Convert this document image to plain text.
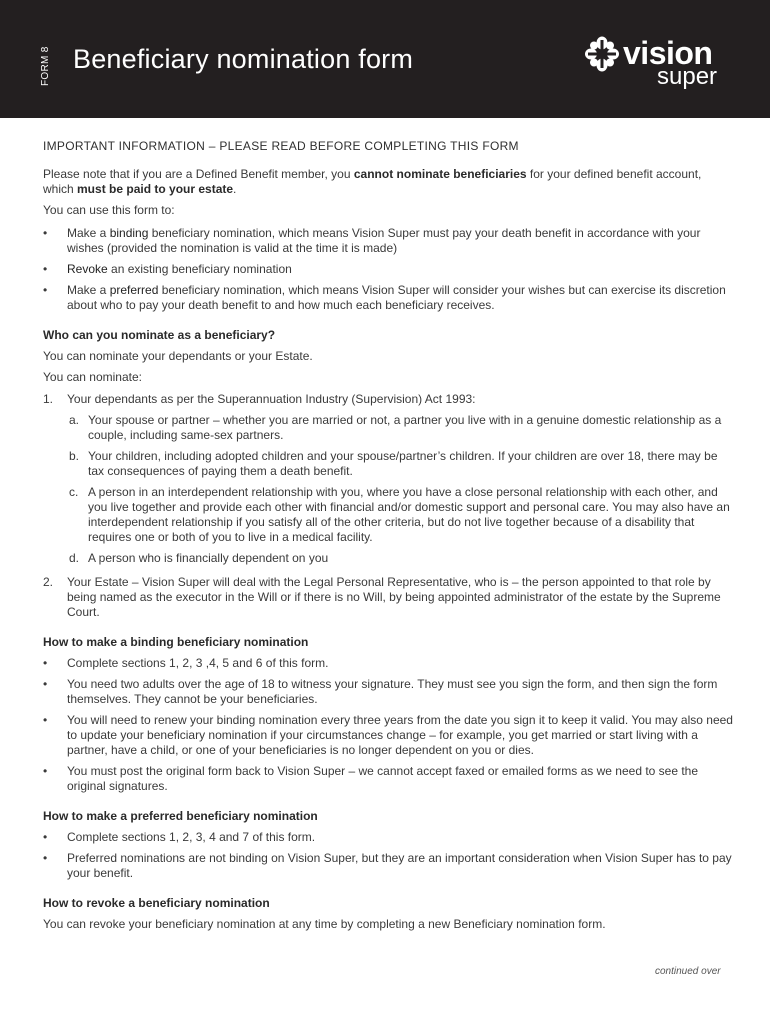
FORM 8 Beneficiary nomination form	vision
super

IMPORTANT INFORMATION – PLEASE READ BEFORE COMPLETING THIS FORM

Please note that if you are a Defined Benefit member, you cannot nominate beneficiaries for your defined benefit account, which must be paid to your estate.

You can use this form to:

• Make a binding beneficiary nomination, which means Vision Super must pay your death benefit in accordance with your wishes (provided the nomination is valid at the time it is made)
• Revoke an existing beneficiary nomination
• Make a preferred beneficiary nomination, which means Vision Super will consider your wishes but can exercise its discretion about who to pay your death benefit to and how much each beneficiary receives.

Who can you nominate as a beneficiary?

You can nominate your dependants or your Estate.

You can nominate:

1. Your dependants as per the Superannuation Industry (Supervision) Act 1993:
a. Your spouse or partner – whether you are married or not, a partner you live with in a genuine domestic relationship as a couple, including same-sex partners.
b. Your children, including adopted children and your spouse/partner’s children. If your children are over 18, there may be tax consequences of paying them a death benefit.
c. A person in an interdependent relationship with you, where you have a close personal relationship with each other, and you live together and provide each other with financial and/or domestic support and personal care. You may also have an interdependent relationship if you satisfy all of the other criteria, but do not live together because of a disability that requires one or both of you to live in a medical facility.
d. A person who is financially dependent on you
2. Your Estate – Vision Super will deal with the Legal Personal Representative, who is – the person appointed to that role by being named as the executor in the Will or if there is no Will, by being appointed administrator of the estate by the Supreme Court.

How to make a binding beneficiary nomination

• Complete sections 1, 2, 3 ,4, 5 and 6 of this form.
• You need two adults over the age of 18 to witness your signature. They must see you sign the form, and then sign the form themselves. They cannot be your beneficiaries.
• You will need to renew your binding nomination every three years from the date you sign it to keep it valid. You may also need to update your beneficiary nomination if your circumstances change – for example, you get married or start living with a partner, have a child, or one of your beneficiaries is no longer dependent on you or dies.
• You must post the original form back to Vision Super – we cannot accept faxed or emailed forms as we need to see the original signatures.

How to make a preferred beneficiary nomination

• Complete sections 1, 2, 3, 4 and 7 of this form.
• Preferred nominations are not binding on Vision Super, but they are an important consideration when Vision Super has to pay your benefit.

How to revoke a beneficiary nomination

You can revoke your beneficiary nomination at any time by completing a new Beneficiary nomination form.

continued over
